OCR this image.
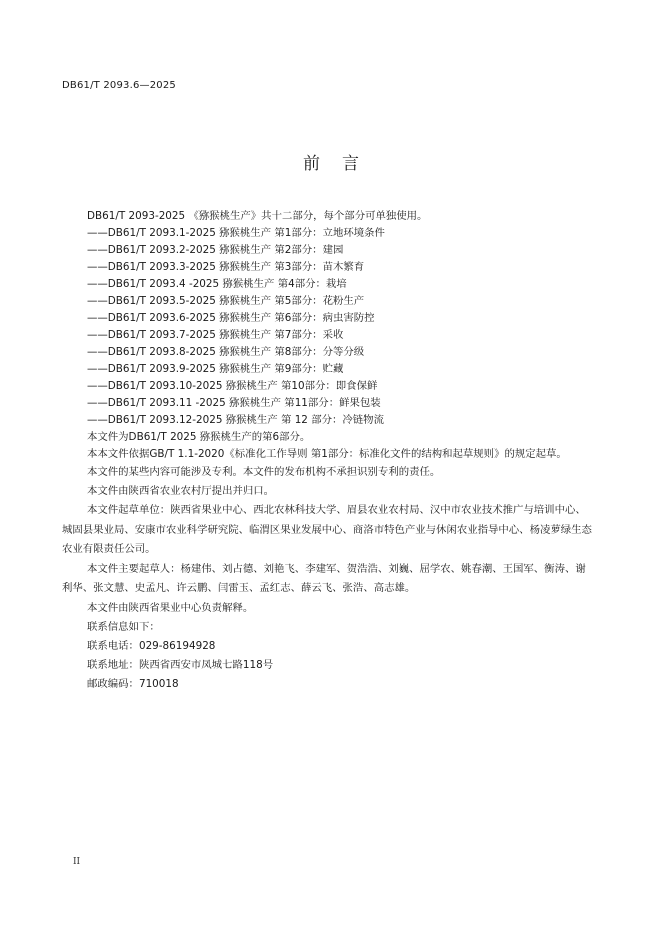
DB61/T 2093.6—2025
前言

DB61/T 2093-2025 《猕猴桃生产》共十二部分，每个部分可单独使用。

——DB61/T 2093.1-2025 猕猴桃生产 第1部分：立地环境条件

——DB61/T 2093.2-2025 猕猴桃生产 第2部分：建园

——DB61/T 2093.3-2025 猕猴桃生产 第3部分：苗木繁育

——DB61/T 2093.4 -2025 猕猴桃生产 第4部分：栽培

——DB61/T 2093.5-2025 猕猴桃生产 第5部分：花粉生产

——DB61/T 2093.6-2025 猕猴桃生产 第6部分：病虫害防控

——DB61/T 2093.7-2025 猕猴桃生产 第7部分：采收

——DB61/T 2093.8-2025 猕猴桃生产 第8部分：分等分级

——DB61/T 2093.9-2025 猕猴桃生产 第9部分：贮藏

——DB61/T 2093.10-2025 猕猴桃生产 第10部分：即食保鲜

——DB61/T 2093.11 -2025 猕猴桃生产 第11部分：鲜果包装

——DB61/T 2093.12-2025 猕猴桃生产 第 12 部分：冷链物流

本文件为DB61/T 2025 猕猴桃生产的第6部分。

本本文件依据GB/T 1.1-2020《标准化工作导则 第1部分：标准化文件的结构和起草规则》的规定起草。

本文件的某些内容可能涉及专利。本文件的发布机构不承担识别专利的责任。

本文件由陕西省农业农村厅提出并归口。

本文件起草单位：陕西省果业中心、西北农林科技大学、眉县农业农村局、汉中市农业技术推广与培训中心、城固县果业局、安康市农业科学研究院、临渭区果业发展中心、商洛市特色产业与休闲农业指导中心、杨凌萝绿生态农业有限责任公司。

本文件主要起草人：杨建伟、刘占德、刘艳飞、李建军、贺浩浩、刘巍、屈学农、姚春潮、王国军、衡涛、谢利华、张文慧、史孟凡、许云鹏、闫雷玉、孟红志、薛云飞、张浩、高志雄。

本文件由陕西省果业中心负责解释。

联系信息如下：

联系电话：029-86194928

联系地址：陕西省西安市凤城七路118号

邮政编码：710018

II
